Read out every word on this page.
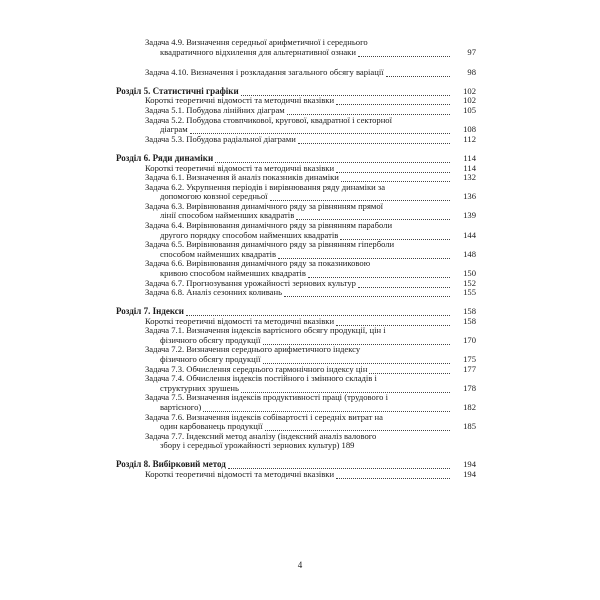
Задача 4.9. Визначення середньої арифметичної і середнього
квадратичного відхилення для альтернативної ознаки	97
Задача 4.10. Визначення і розкладання загального обсягу варіації	98
Розділ 5. Статистичні графіки	102
Короткі теоретичні відомості та методичні вказівки	102
Задача 5.1. Побудова лінійних діаграм	105
Задача 5.2. Побудова стовпчикової, кругової, квадратної і секторної
діаграм	108
Задача 5.3. Побудова радіальної діаграми	112
Розділ 6. Ряди динаміки	114
Короткі теоретичні відомості та методичні вказівки	114
Задача 6.1. Визначення й аналіз показників динаміки	132
Задача 6.2. Укрупнення періодів і вирівнювання ряду динаміки за
допомогою ковзної середньої	136
Задача 6.3. Вирівнювання динамічного ряду за рівнянням прямої
лінії способом найменших квадратів	139
Задача 6.4. Вирівнювання динамічного ряду за рівнянням параболи
другого порядку способом найменших квадратів	144
Задача 6.5. Вирівнювання динамічного ряду за рівнянням гіперболи
способом найменших квадратів	148
Задача 6.6. Вирівнювання динамічного ряду за показниковою
кривою способом найменших квадратів	150
Задача 6.7. Прогнозування урожайності зернових культур	152
Задача 6.8. Аналіз сезонних коливань	155
Розділ 7. Індекси	158
Короткі теоретичні відомості та методичні вказівки	158
Задача 7.1. Визначення індексів вартісного обсягу продукції, цін і
фізичного обсягу продукції	170
Задача 7.2. Визначення середнього арифметичного індексу
фізичного обсягу продукції	175
Задача 7.3. Обчислення середнього гармонічного індексу цін	177
Задача 7.4. Обчислення індексів постійного і змінного складів і
структурних зрушень	178
Задача 7.5. Визначення індексів продуктивності праці (трудового і
вартісного)	182
Задача 7.6. Визначення індексів собівартості і середніх витрат на
один карбованець продукції	185
Задача 7.7. Індексний метод аналізу (індексний аналіз валового
збору і середньої урожайності зернових культур) 189
Розділ 8. Вибірковий метод	194
Короткі теоретичні відомості та методичні вказівки	194
4
